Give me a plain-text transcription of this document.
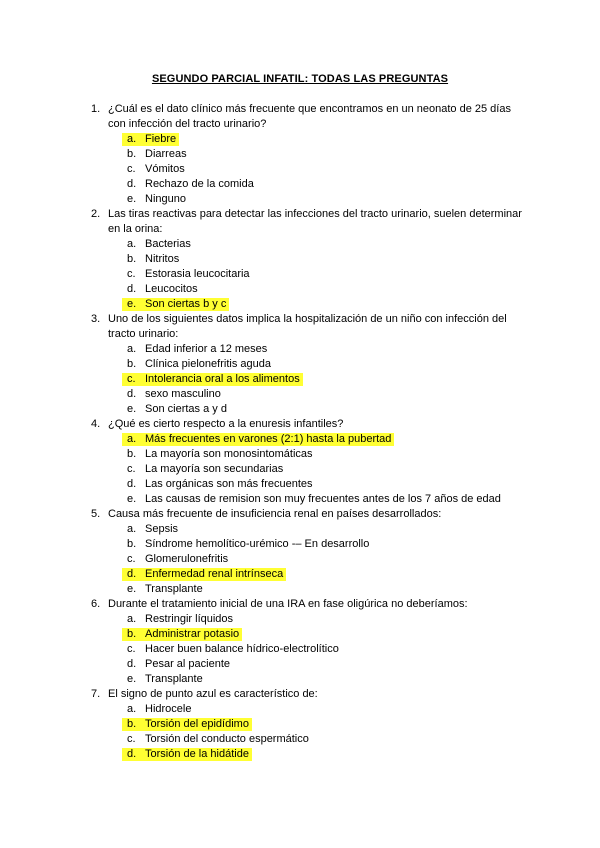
SEGUNDO PARCIAL INFATIL: TODAS LAS PREGUNTAS
1. ¿Cuál es el dato clínico más frecuente que encontramos en un neonato de 25 días
con infección del tracto urinario?
a. Fiebre
b. Diarreas
c. Vómitos
d. Rechazo de la comida
e. Ninguno
2. Las tiras reactivas para detectar las infecciones del tracto urinario, suelen determinar
en la orina:
a. Bacterias
b. Nitritos
c. Estorasia leucocitaria
d. Leucocitos
e. Son ciertas b y c
3. Uno de los siguientes datos implica la hospitalización de un niño con infección del
tracto urinario:
a. Edad inferior a 12 meses
b. Clínica pielonefritis aguda
c. Intolerancia oral a los alimentos
d. sexo masculino
e. Son ciertas a y d
4. ¿Qué es cierto respecto a la enuresis infantiles?
a. Más frecuentes en varones (2:1) hasta la pubertad
b. La mayoría son monosintomáticas
c. La mayoría son secundarias
d. Las orgánicas son más frecuentes
e. Las causas de remision son muy frecuentes antes de los 7 años de edad
5. Causa más frecuente de insuficiencia renal en países desarrollados:
a. Sepsis
b. Síndrome hemolítico-urémico -– En desarrollo
c. Glomerulonefritis
d. Enfermedad renal intrínseca
e. Transplante
6. Durante el tratamiento inicial de una IRA en fase oligúrica no deberíamos:
a. Restringir líquidos
b. Administrar potasio
c. Hacer buen balance hídrico-electrolítico
d. Pesar al paciente
e. Transplante
7. El signo de punto azul es característico de:
a. Hidrocele
b. Torsión del epidídimo
c. Torsión del conducto espermático
d. Torsión de la hidátide
